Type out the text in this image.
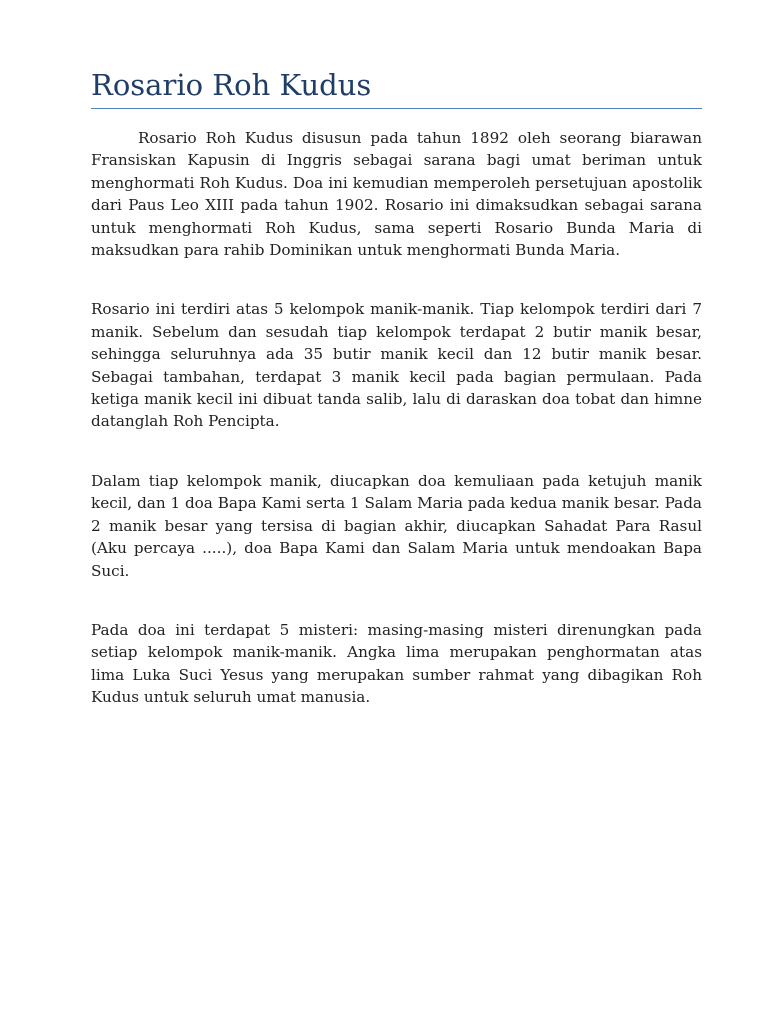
Rosario Roh Kudus

Rosario Roh Kudus disusun pada tahun 1892 oleh seorang biarawan Fransiskan Kapusin di Inggris sebagai sarana bagi umat beriman untuk menghormati Roh Kudus. Doa ini kemudian memperoleh persetujuan apostolik dari Paus Leo XIII pada tahun 1902. Rosario ini dimaksudkan sebagai sarana untuk menghormati Roh Kudus, sama seperti Rosario Bunda Maria di maksudkan para rahib Dominikan untuk menghormati Bunda Maria.

Rosario ini terdiri atas 5 kelompok manik-manik. Tiap kelompok terdiri dari 7 manik. Sebelum dan sesudah tiap kelompok terdapat 2 butir manik besar, sehingga seluruhnya ada 35 butir manik kecil dan 12 butir manik besar. Sebagai tambahan, terdapat 3 manik kecil pada bagian permulaan. Pada ketiga manik kecil ini dibuat tanda salib, lalu di daraskan doa tobat dan himne datanglah Roh Pencipta.

Dalam tiap kelompok manik, diucapkan doa kemuliaan pada ketujuh manik kecil, dan 1 doa Bapa Kami serta 1 Salam Maria pada kedua manik besar. Pada 2 manik besar yang tersisa di bagian akhir, diucapkan Sahadat Para Rasul (Aku percaya .....), doa Bapa Kami dan Salam Maria untuk mendoakan Bapa Suci.

Pada doa ini terdapat 5 misteri: masing-masing misteri direnungkan pada setiap kelompok manik-manik. Angka lima merupakan penghormatan atas lima Luka Suci Yesus yang merupakan sumber rahmat yang dibagikan Roh Kudus untuk seluruh umat manusia.
